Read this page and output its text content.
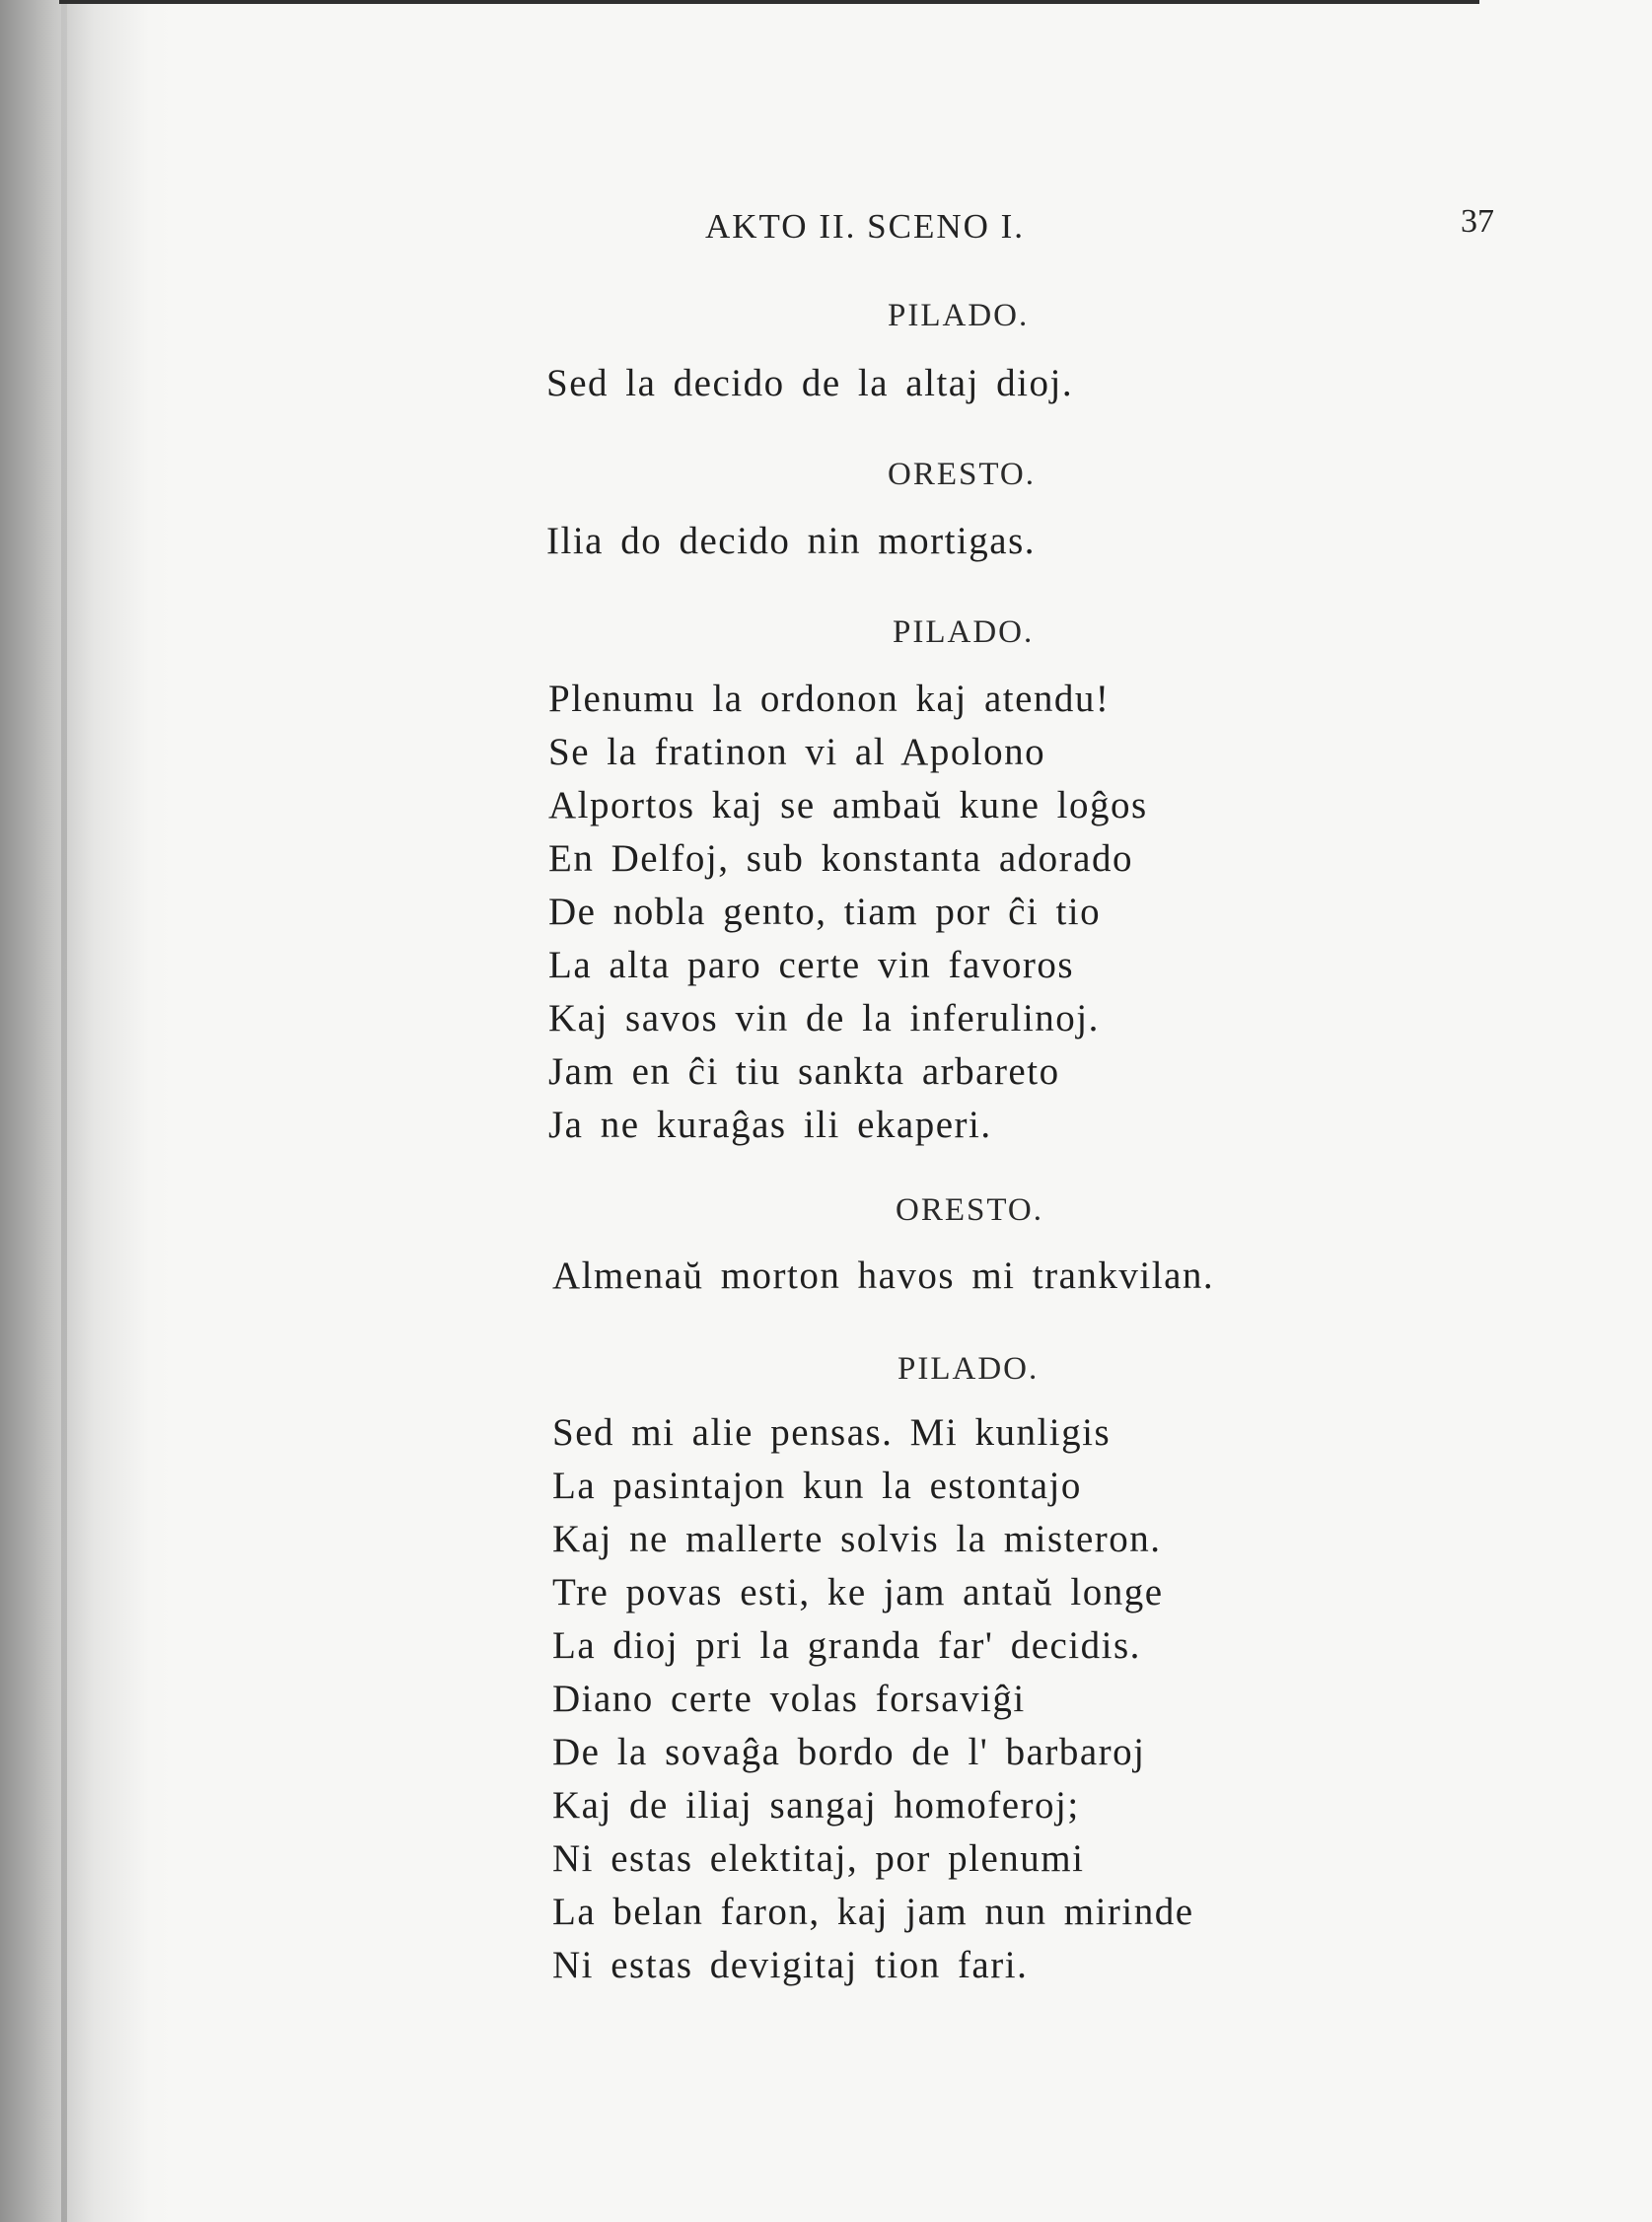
AKTO II. SCENO I.	37
PILADO.
Sed la decido de la altaj dioj.
ORESTO.
Ilia do decido nin mortigas.
PILADO.
Plenumu la ordonon kaj atendu!
Se la fratinon vi al Apolono
Alportos kaj se ambaŭ kune loĝos
En Delfoj, sub konstanta adorado
De nobla gento, tiam por ĉi tio
La alta paro certe vin favoros
Kaj savos vin de la inferulinoj.
Jam en ĉi tiu sankta arbareto
Ja ne kuraĝas ili ekaperi.
ORESTO.
Almenaŭ morton havos mi trankvilan.
PILADO.
Sed mi alie pensas. Mi kunligis
La pasintajon kun la estontajo
Kaj ne mallerte solvis la misteron.
Tre povas esti, ke jam antaŭ longe
La dioj pri la granda far' decidis.
Diano certe volas forsaviĝi
De la sovaĝa bordo de l' barbaroj
Kaj de iliaj sangaj homoferoj;
Ni estas elektitaj, por plenumi
La belan faron, kaj jam nun mirinde
Ni estas devigitaj tion fari.
